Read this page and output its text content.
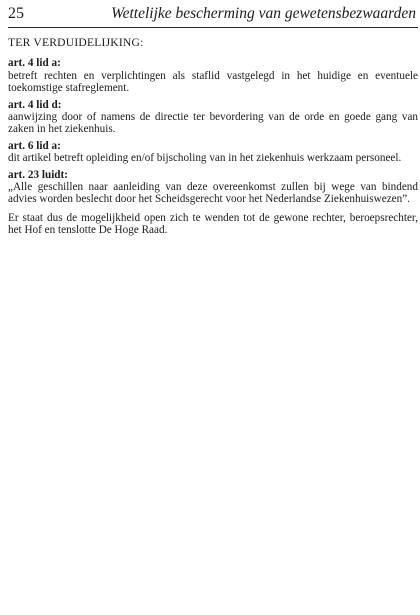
25	Wettelijke bescherming van gewetensbezwaarden

TER VERDUIDELIJKING:

art. 4 lid a:

betreft rechten en verplichtingen als staflid vastgelegd in het huidige en eventuele toekomstige stafreglement.

art. 4 lid d:

aanwijzing door of namens de directie ter bevordering van de orde en goede gang van zaken in het ziekenhuis.

art. 6 lid a:

dit artikel betreft opleiding en/of bijscholing van in het ziekenhuis werkzaam personeel.

art. 23 luidt:

„Alle geschillen naar aanleiding van deze overeenkomst zullen bij wege van bindend advies worden beslecht door het Scheidsgerecht voor het Nederlandse Ziekenhuiswezen”.

Er staat dus de mogelijkheid open zich te wenden tot de gewone rechter, beroepsrechter, het Hof en tenslotte De Hoge Raad.
